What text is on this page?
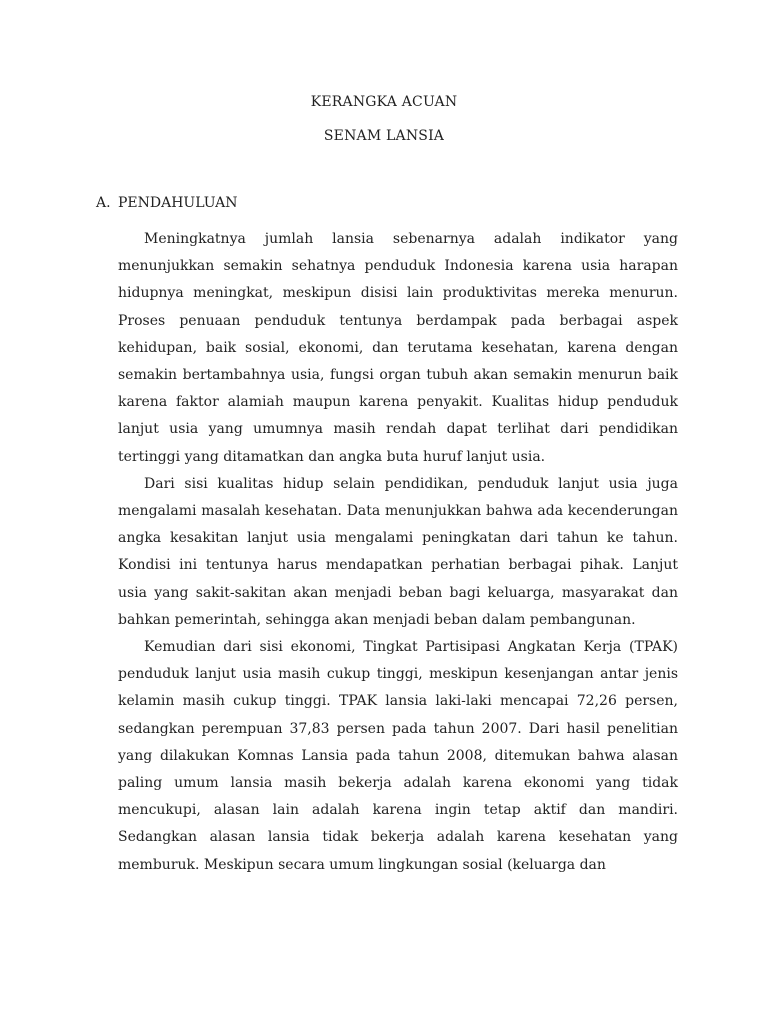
KERANGKA ACUAN
SENAM LANSIA
A. PENDAHULUAN

Meningkatnya jumlah lansia sebenarnya adalah indikator yang menunjukkan semakin sehatnya penduduk Indonesia karena usia harapan hidupnya meningkat, meskipun disisi lain produktivitas mereka menurun. Proses penuaan penduduk tentunya berdampak pada berbagai aspek kehidupan, baik sosial, ekonomi, dan terutama kesehatan, karena dengan semakin bertambahnya usia, fungsi organ tubuh akan semakin menurun baik karena faktor alamiah maupun karena penyakit. Kualitas hidup penduduk lanjut usia yang umumnya masih rendah dapat terlihat dari pendidikan tertinggi yang ditamatkan dan angka buta huruf lanjut usia.

Dari sisi kualitas hidup selain pendidikan, penduduk lanjut usia juga mengalami masalah kesehatan. Data menunjukkan bahwa ada kecenderungan angka kesakitan lanjut usia mengalami peningkatan dari tahun ke tahun. Kondisi ini tentunya harus mendapatkan perhatian berbagai pihak. Lanjut usia yang sakit-sakitan akan menjadi beban bagi keluarga, masyarakat dan bahkan pemerintah, sehingga akan menjadi beban dalam pembangunan.

Kemudian dari sisi ekonomi, Tingkat Partisipasi Angkatan Kerja (TPAK) penduduk lanjut usia masih cukup tinggi, meskipun kesenjangan antar jenis kelamin masih cukup tinggi. TPAK lansia laki-laki mencapai 72,26 persen, sedangkan perempuan 37,83 persen pada tahun 2007. Dari hasil penelitian yang dilakukan Komnas Lansia pada tahun 2008, ditemukan bahwa alasan paling umum lansia masih bekerja adalah karena ekonomi yang tidak mencukupi, alasan lain adalah karena ingin tetap aktif dan mandiri. Sedangkan alasan lansia tidak bekerja adalah karena kesehatan yang memburuk. Meskipun secara umum lingkungan sosial (keluarga dan
